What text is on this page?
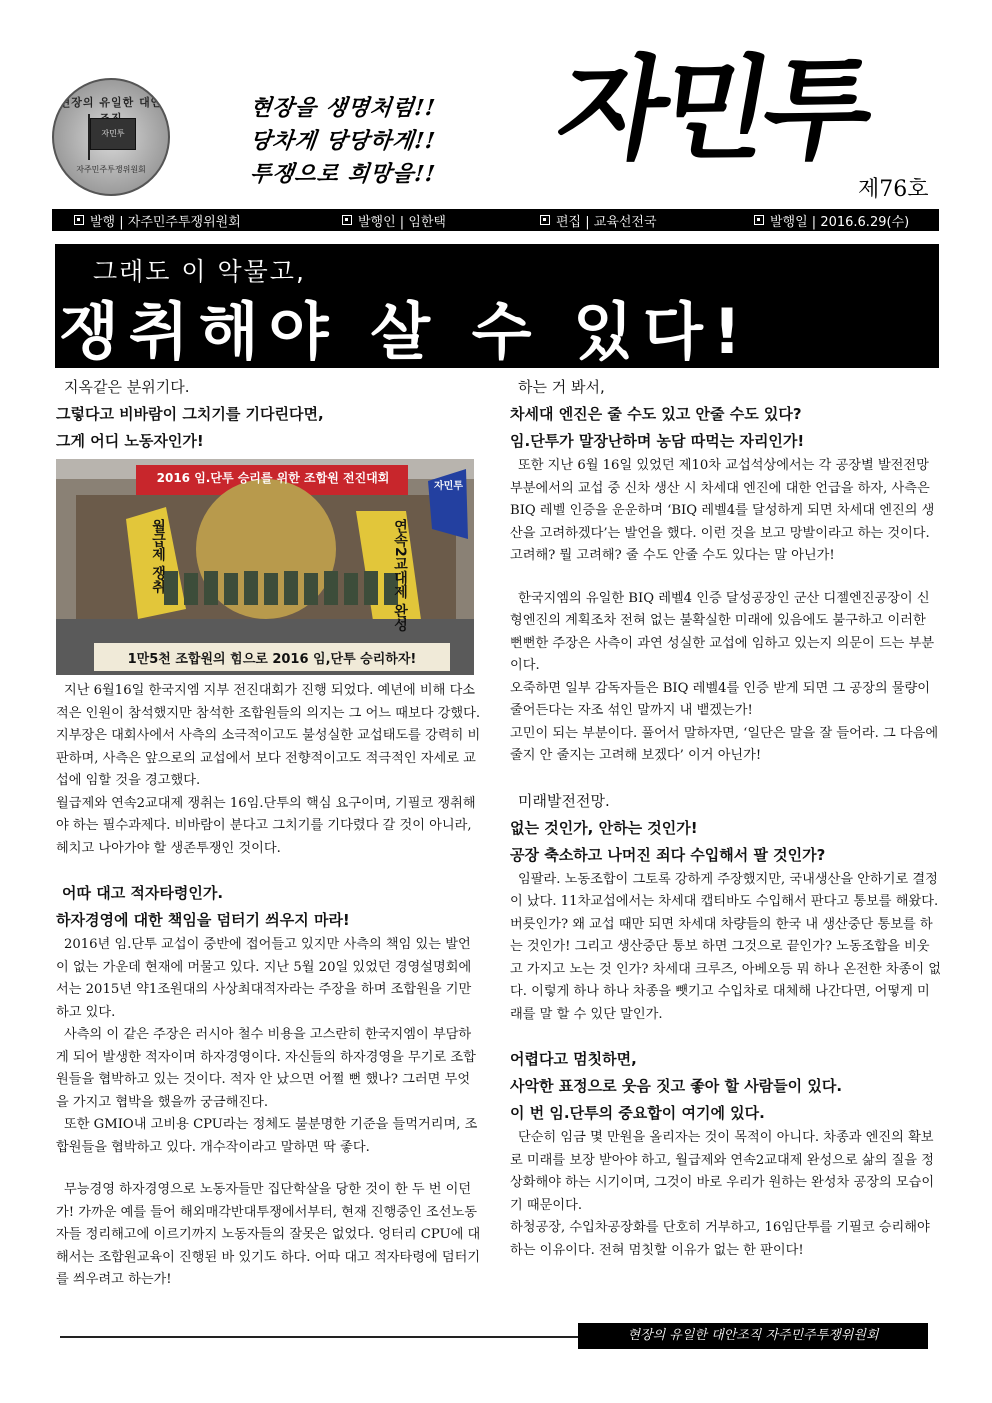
현장의 유일한 대안
자민투
자주민주투쟁위원회
현장을 생명처럼!!
당차게 당당하게!!
투쟁으로 희망을!! 자민투
제76호
발행 | 자주민주투쟁위원회	발행인 | 임한택	편집 | 교육선전국	발행일 | 2016.6.29(수)
그래도 이 악물고,
쟁취해야 살 수 있다!
지옥같은 분위기다.
그렇다고 비바람이 그치기를 기다린다면,
그게 어디 노동자인가!
2016 임.단투 승리를 위한 조합원 전진대회
월급제 쟁취	연속2교대제 완성
자민투
1만5천 조합원의 힘으로 2016 임,단투 승리하자!

지난 6월16일 한국지엠 지부 전진대회가 진행 되었다. 예년에 비해 다소 적은 인원이 참석했지만 참석한 조합원들의 의지는 그 어느 때보다 강했다. 지부장은 대회사에서 사측의 소극적이고도 불성실한 교섭태도를 강력히 비판하며, 사측은 앞으로의 교섭에서 보다 전향적이고도 적극적인 자세로 교섭에 임할 것을 경고했다.

월급제와 연속2교대제 쟁취는 16임.단투의 핵심 요구이며, 기필코 쟁취해야 하는 필수과제다. 비바람이 분다고 그치기를 기다렸다 갈 것이 아니라, 헤치고 나아가야 할 생존투쟁인 것이다.

어따 대고 적자타령인가.
하자경영에 대한 책임을 덤터기 씌우지 마라!

2016년 임.단투 교섭이 중반에 접어들고 있지만 사측의 책임 있는 발언이 없는 가운데 현재에 머물고 있다. 지난 5월 20일 있었던 경영설명회에서는 2015년 약1조원대의 사상최대적자라는 주장을 하며 조합원을 기만하고 있다.

사측의 이 같은 주장은 러시아 철수 비용을 고스란히 한국지엠이 부담하게 되어 발생한 적자이며 하자경영이다. 자신들의 하자경영을 무기로 조합원들을 협박하고 있는 것이다. 적자 안 났으면 어쩔 뻔 했나? 그러면 무엇을 가지고 협박을 했을까 궁금해진다.

또한 GMIO내 고비용 CPU라는 정체도 불분명한 기준을 들먹거리며, 조합원들을 협박하고 있다. 개수작이라고 말하면 딱 좋다.

무능경영 하자경영으로 노동자들만 집단학살을 당한 것이 한 두 번 이던가! 가까운 예를 들어 해외매각반대투쟁에서부터, 현재 진행중인 조선노동자들 정리해고에 이르기까지 노동자들의 잘못은 없었다. 엉터리 CPU에 대해서는 조합원교육이 진행된 바 있기도 하다. 어따 대고 적자타령에 덤터기를 씌우려고 하는가!

하는 거 봐서,
차세대 엔진은 줄 수도 있고 안줄 수도 있다?
임.단투가 말장난하며 농담 따먹는 자리인가!

또한 지난 6월 16일 있었던 제10차 교섭석상에서는 각 공장별 발전전망 부분에서의 교섭 중 신차 생산 시 차세대 엔진에 대한 언급을 하자, 사측은 BIQ 레벨 인증을 운운하며 ‘BIQ 레벨4를 달성하게 되면 차세대 엔진의 생산을 고려하겠다’는 발언을 했다. 이런 것을 보고 망발이라고 하는 것이다.

고려해? 뭘 고려해? 줄 수도 안줄 수도 있다는 말 아닌가!

한국지엠의 유일한 BIQ 레벨4 인증 달성공장인 군산 디젤엔진공장이 신형엔진의 계획조차 전혀 없는 불확실한 미래에 있음에도 불구하고 이러한 뻔뻔한 주장은 사측이 과연 성실한 교섭에 임하고 있는지 의문이 드는 부분이다.

오죽하면 일부 감독자들은 BIQ 레벨4를 인증 받게 되면 그 공장의 물량이 줄어든다는 자조 섞인 말까지 내 뱉겠는가!

고민이 되는 부분이다. 풀어서 말하자면, ‘일단은 말을 잘 들어라. 그 다음에 줄지 안 줄지는 고려해 보겠다’ 이거 아닌가!

미래발전전망.
없는 것인가, 안하는 것인가!
공장 축소하고 나머진 죄다 수입해서 팔 것인가?

임팔라. 노동조합이 그토록 강하게 주장했지만, 국내생산을 안하기로 결정이 났다. 11차교섭에서는 차세대 캡티바도 수입해서 판다고 통보를 해왔다. 버릇인가? 왜 교섭 때만 되면 차세대 차량들의 한국 내 생산중단 통보를 하는 것인가! 그리고 생산중단 통보 하면 그것으로 끝인가? 노동조합을 비웃고 가지고 노는 것 인가? 차세대 크루즈, 아베오등 뭐 하나 온전한 차종이 없다. 이렇게 하나 하나 차종을 뺏기고 수입차로 대체해 나간다면, 어떻게 미래를 말 할 수 있단 말인가.

어렵다고 멈칫하면,
사악한 표정으로 웃음 짓고 좋아 할 사람들이 있다.
이 번 임.단투의 중요합이 여기에 있다.

단순히 임금 몇 만원을 올리자는 것이 목적이 아니다. 차종과 엔진의 확보로 미래를 보장 받아야 하고, 월급제와 연속2교대제 완성으로 삶의 질을 정상화해야 하는 시기이며, 그것이 바로 우리가 원하는 완성차 공장의 모습이기 때문이다.

하청공장, 수입차공장화를 단호히 거부하고, 16임단투를 기필코 승리해야 하는 이유이다. 전혀 멈칫할 이유가 없는 한 판이다!

현장의 유일한 대안조직 자주민주투쟁위원회
